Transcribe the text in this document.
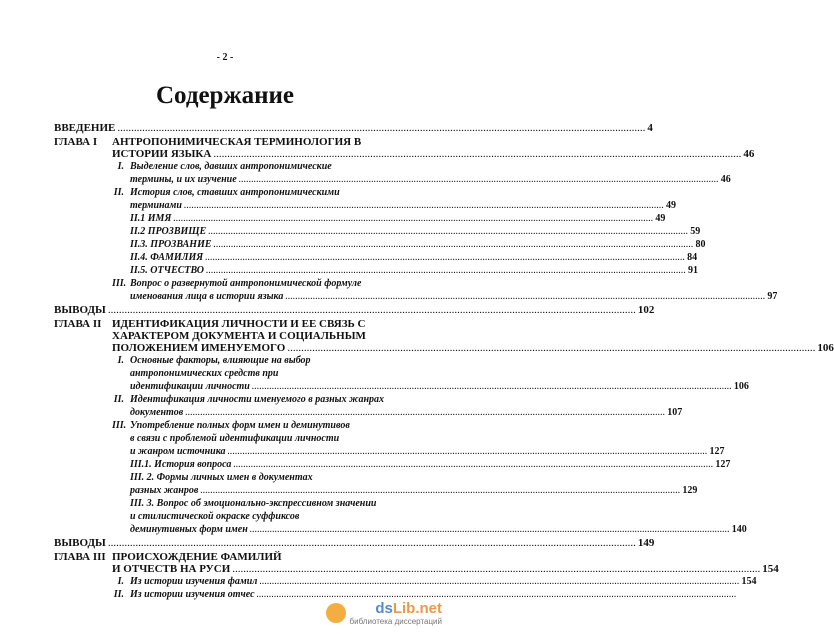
- 2 -
Содержание
ВВЕДЕНИЕ .....	4
ГЛАВА I	АНТРОПОНИМИЧЕСКАЯ ТЕРМИНОЛОГИЯ В
ИСТОРИИ ЯЗЫКА .....	46
I. Выделение слов, давших антропонимические
термины, и их изучение .....	46
II. История слов, ставших антропонимическими
терминами .....	49
II.1 ИМЯ .....	49
II.2 ПРОЗВИЩЕ .....	59
II.3. ПРОЗВАНИЕ .....	80
II.4. ФАМИЛИЯ .....	84
II.5. ОТЧЕСТВО .....	91
III. Вопрос о развернутой антропонимической формуле
именования лица в истории языка .....	97
ВЫВОДЫ .....	102
ГЛАВА II ИДЕНТИФИКАЦИЯ ЛИЧНОСТИ И ЕЕ СВЯЗЬ С
ХАРАКТЕРОМ ДОКУМЕНТА И СОЦИАЛЬНЫМ
ПОЛОЖЕНИЕМ ИМЕНУЕМОГО .....	106
I. Основные факторы, влияющие на выбор
антропонимических средств при
идентификации личности .....	106
II. Идентификация личности именуемого в разных жанрах
документов .....	107
III. Употребление полных форм имен и деминутивов
в связи с проблемой идентификации личности
и жанром источника .....	127
III.1. История вопроса .....	127
III. 2. Формы личных имен в документах
разных жанров .....	129
III. 3. Вопрос об эмоционально-экспрессивном значении
и стилистической окраске суффиксов
деминутивных форм имен .....	140
ВЫВОДЫ .....	149
ГЛАВА III ПРОИСХОЖДЕНИЕ ФАМИЛИЙ
И ОТЧЕСТВ НА РУСИ .....	154
I. Из истории изучения фамил .....	154
II. Из истории изучения отчес
.....
dsLib.net
библиотека диссертаций
